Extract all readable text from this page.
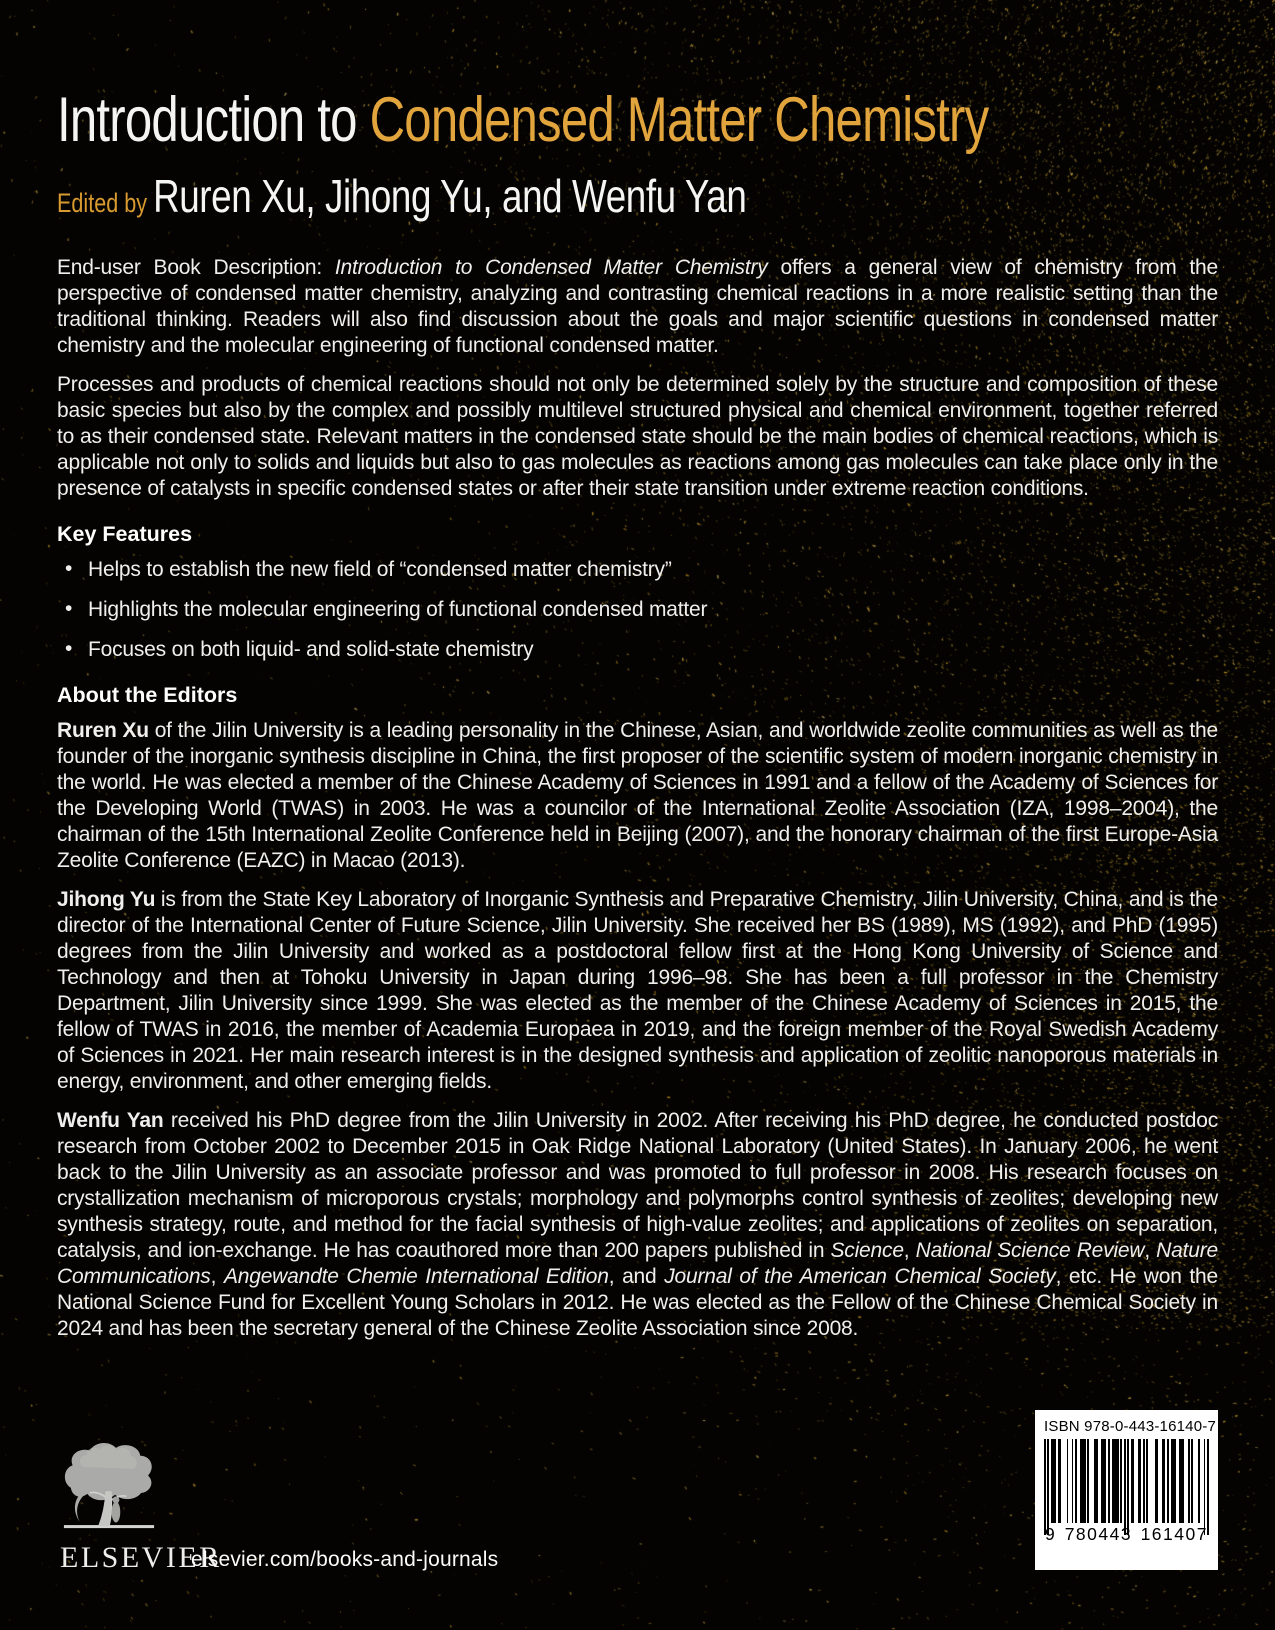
Introduction to Condensed Matter Chemistry
Edited by Ruren Xu, Jihong Yu, and Wenfu Yan

End-user Book Description: Introduction to Condensed Matter Chemistry offers a general view of chemistry from the perspective of condensed matter chemistry, analyzing and contrasting chemical reactions in a more realistic setting than the traditional thinking. Readers will also find discussion about the goals and major scientific questions in condensed matter chemistry and the molecular engineering of functional condensed matter.

Processes and products of chemical reactions should not only be determined solely by the structure and composition of these basic species but also by the complex and possibly multilevel structured physical and chemical environment, together referred to as their condensed state. Relevant matters in the condensed state should be the main bodies of chemical reactions, which is applicable not only to solids and liquids but also to gas molecules as reactions among gas molecules can take place only in the presence of catalysts in specific condensed states or after their state transition under extreme reaction conditions.

Key Features
• Helps to establish the new field of “condensed matter chemistry”
• Highlights the molecular engineering of functional condensed matter
• Focuses on both liquid- and solid-state chemistry
About the Editors

Ruren Xu of the Jilin University is a leading personality in the Chinese, Asian, and worldwide zeolite communities as well as the founder of the inorganic synthesis discipline in China, the first proposer of the scientific system of modern inorganic chemistry in the world. He was elected a member of the Chinese Academy of Sciences in 1991 and a fellow of the Academy of Sciences for the Developing World (TWAS) in 2003. He was a councilor of the International Zeolite Association (IZA, 1998–2004), the chairman of the 15th International Zeolite Conference held in Beijing (2007), and the honorary chairman of the first Europe-Asia Zeolite Conference (EAZC) in Macao (2013).

Jihong Yu is from the State Key Laboratory of Inorganic Synthesis and Preparative Chemistry, Jilin University, China, and is the director of the International Center of Future Science, Jilin University. She received her BS (1989), MS (1992), and PhD (1995) degrees from the Jilin University and worked as a postdoctoral fellow first at the Hong Kong University of Science and Technology and then at Tohoku University in Japan during 1996–98. She has been a full professor in the Chemistry Department, Jilin University since 1999. She was elected as the member of the Chinese Academy of Sciences in 2015, the fellow of TWAS in 2016, the member of Academia Europaea in 2019, and the foreign member of the Royal Swedish Academy of Sciences in 2021. Her main research interest is in the designed synthesis and application of zeolitic nanoporous materials in energy, environment, and other emerging fields.

Wenfu Yan received his PhD degree from the Jilin University in 2002. After receiving his PhD degree, he conducted postdoc research from October 2002 to December 2015 in Oak Ridge National Laboratory (United States). In January 2006, he went back to the Jilin University as an associate professor and was promoted to full professor in 2008. His research focuses on crystallization mechanism of microporous crystals; morphology and polymorphs control synthesis of zeolites; developing new synthesis strategy, route, and method for the facial synthesis of high-value zeolites; and applications of zeolites on separation, catalysis, and ion-exchange. He has coauthored more than 200 papers published in Science, National Science Review, Nature Communications, Angewandte Chemie International Edition, and Journal of the American Chemical Society, etc. He won the National Science Fund for Excellent Young Scholars in 2012. He was elected as the Fellow of the Chinese Chemical Society in 2024 and has been the secretary general of the Chinese Zeolite Association since 2008.

ELSEVIER
elsevier.com/books-and-journals
ISBN 978-0-443-16140-7
9 780443 161407
